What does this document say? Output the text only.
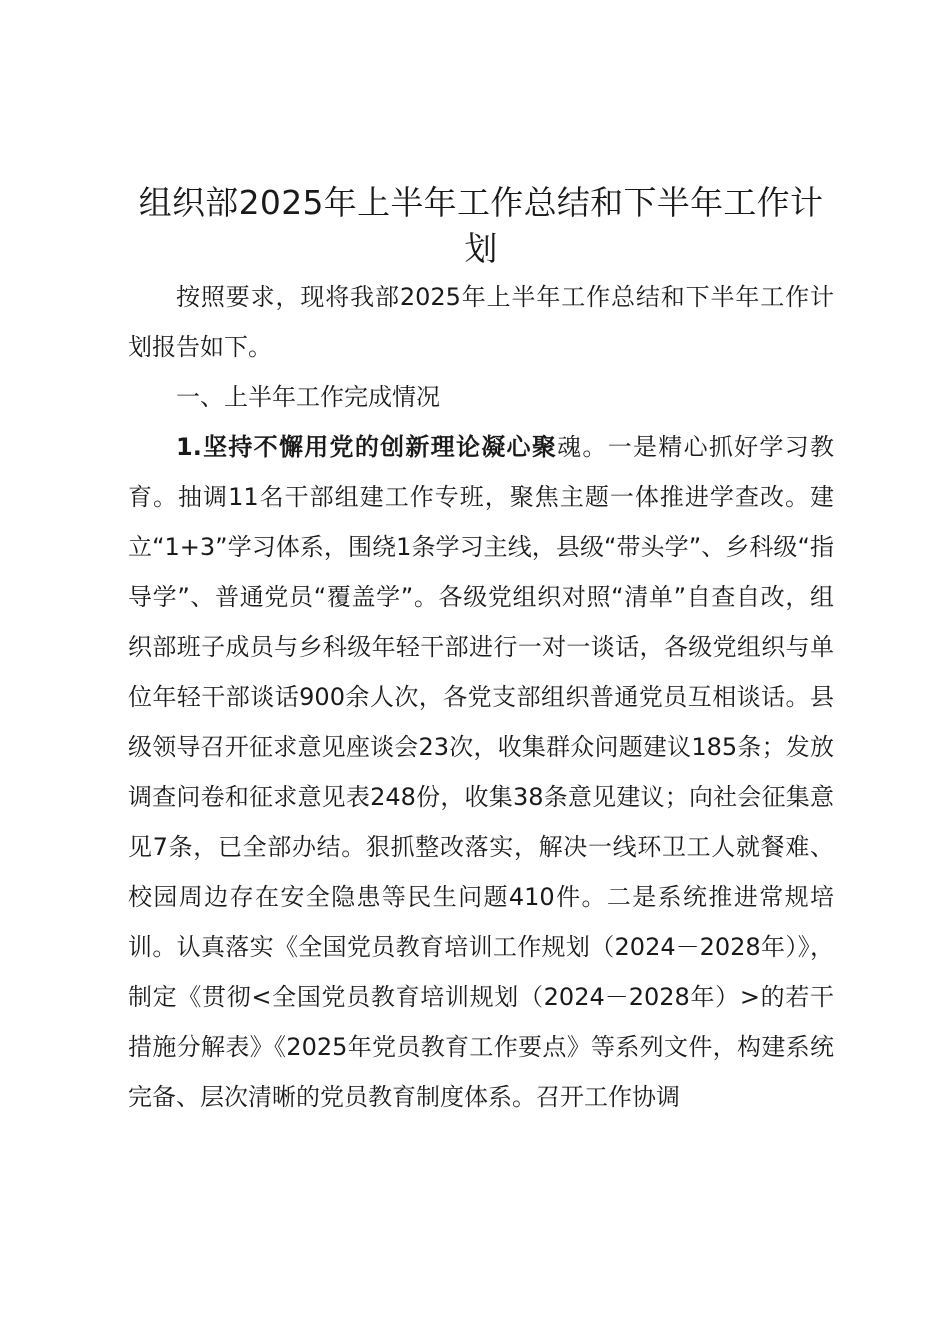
组织部2025年上半年工作总结和下半年工作计划

按照要求，现将我部2025年上半年工作总结和下半年工作计划报告如下。

一、上半年工作完成情况

1.坚持不懈用党的创新理论凝心聚魂。一是精心抓好学习教育。抽调11名干部组建工作专班，聚焦主题一体推进学查改。建立“1+3”学习体系，围绕1条学习主线，县级“带头学”、乡科级“指导学”、普通党员“覆盖学”。各级党组织对照“清单”自查自改，组织部班子成员与乡科级年轻干部进行一对一谈话，各级党组织与单位年轻干部谈话900余人次，各党支部组织普通党员互相谈话。县级领导召开征求意见座谈会23次，收集群众问题建议185条；发放调查问卷和征求意见表248份，收集38条意见建议；向社会征集意见7条，已全部办结。狠抓整改落实，解决一线环卫工人就餐难、校园周边存在安全隐患等民生问题410件。二是系统推进常规培训。认真落实《全国党员教育培训工作规划（2024－2028年）》，制定《贯彻<全国党员教育培训规划（2024－2028年）>的若干措施分解表》《2025年党员教育工作要点》等系列文件，构建系统完备、层次清晰的党员教育制度体系。召开工作协调
